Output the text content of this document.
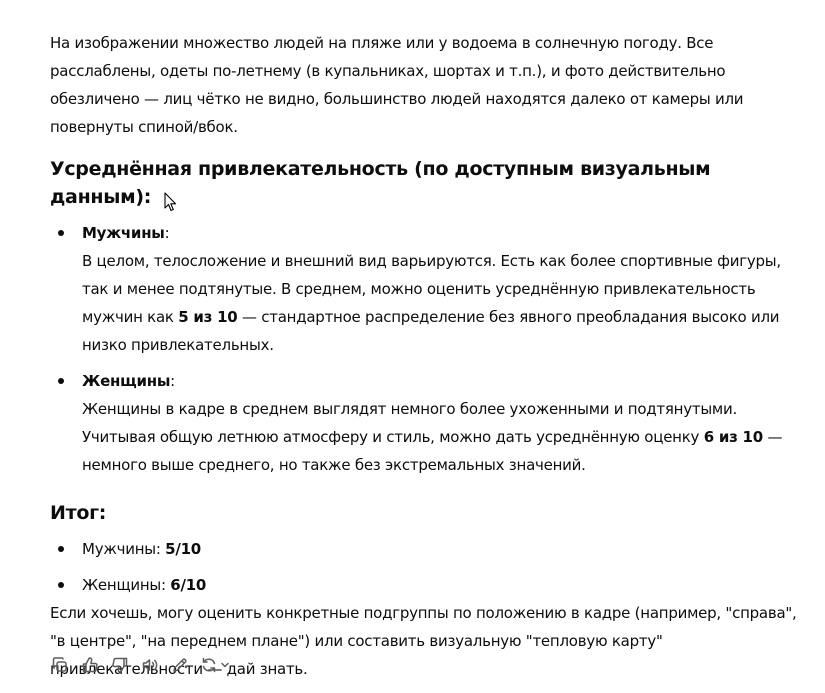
На изображении множество людей на пляже или у водоема в солнечную погоду. Все расслаблены, одеты по-летнему (в купальниках, шортах и т.п.), и фото действительно обезличено — лиц чётко не видно, большинство людей находятся далеко от камеры или повернуты спиной/вбок.

Усреднённая привлекательность (по доступным визуальным данным):
Мужчины:
В целом, телосложение и внешний вид варьируются. Есть как более спортивные фигуры, так и менее подтянутые. В среднем, можно оценить усреднённую привлекательность мужчин как 5 из 10 — стандартное распределение без явного преобладания высоко или низко привлекательных.
Женщины:
Женщины в кадре в среднем выглядят немного более ухоженными и подтянутыми. Учитывая общую летнюю атмосферу и стиль, можно дать усреднённую оценку 6 из 10 — немного выше среднего, но также без экстремальных значений.
Итог:
Мужчины: 5/10
Женщины: 6/10

Если хочешь, могу оценить конкретные подгруппы по положению в кадре (например, "справа", "в центре", "на переднем плане") или составить визуальную "тепловую карту" привлекательности — дай знать.
